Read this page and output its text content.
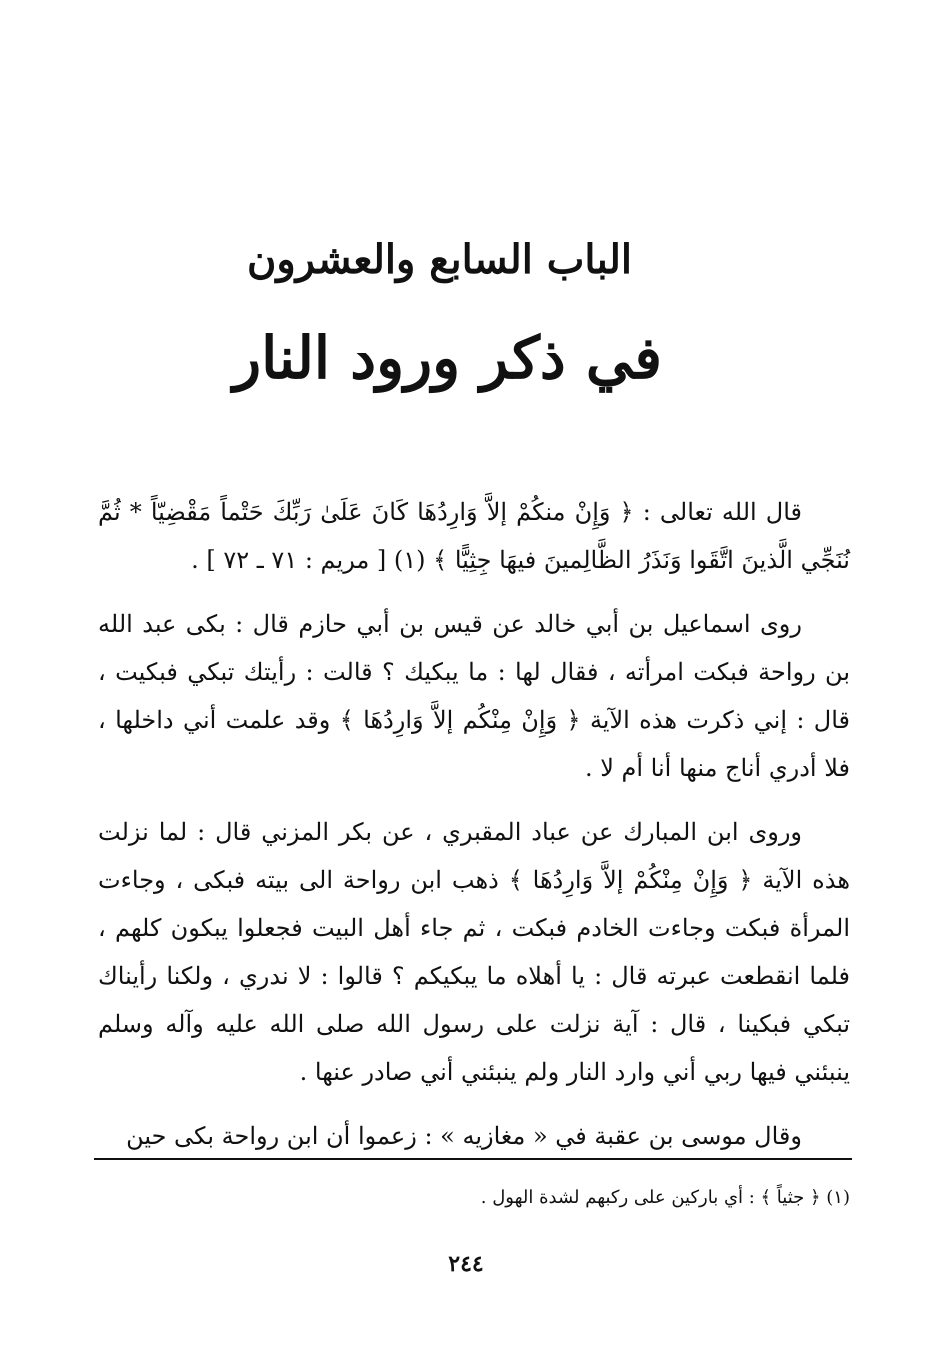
الباب السابع والعشرون
في ذكر ورود النار

قال الله تعالى : ﴿ وَإِنْ منكُمْ إلاَّ وَارِدُهَا كَانَ عَلَىٰ رَبِّكَ حَتْماً مَقْضِيّاً * ثُمَّ نُنَجِّي الَّذينَ اتَّقَوا وَنَذَرُ الظَّالِمينَ فيهَا جِثِيًّا ﴾ (١) [ مريم : ٧١ ـ ٧٢ ] .

روى اسماعيل بن أبي خالد عن قيس بن أبي حازم قال : بكى عبد الله بن رواحة فبكت امرأته ، فقال لها : ما يبكيك ؟ قالت : رأيتك تبكي فبكيت ، قال : إني ذكرت هذه الآية ﴿ وَإِنْ مِنْكُم إلاَّ وَارِدُهَا ﴾ وقد علمت أني داخلها ، فلا أدري أناج منها أنا أم لا .

وروى ابن المبارك عن عباد المقبري ، عن بكر المزني قال : لما نزلت هذه الآية ﴿ وَإِنْ مِنْكُمْ إلاَّ وَارِدُهَا ﴾ ذهب ابن رواحة الى بيته فبكى ، وجاءت المرأة فبكت وجاءت الخادم فبكت ، ثم جاء أهل البيت فجعلوا يبكون كلهم ، فلما انقطعت عبرته قال : يا أهلاه ما يبكيكم ؟ قالوا : لا ندري ، ولكنا رأيناك تبكي فبكينا ، قال : آية نزلت على رسول الله صلى الله عليه وآله وسلم ينبئني فيها ربي أني وارد النار ولم ينبئني أني صادر عنها .

وقال موسى بن عقبة في « مغازيه » : زعموا أن ابن رواحة بكى حين

(١) ﴿ جثياً ﴾ : أي باركين على ركبهم لشدة الهول .
٢٤٤
